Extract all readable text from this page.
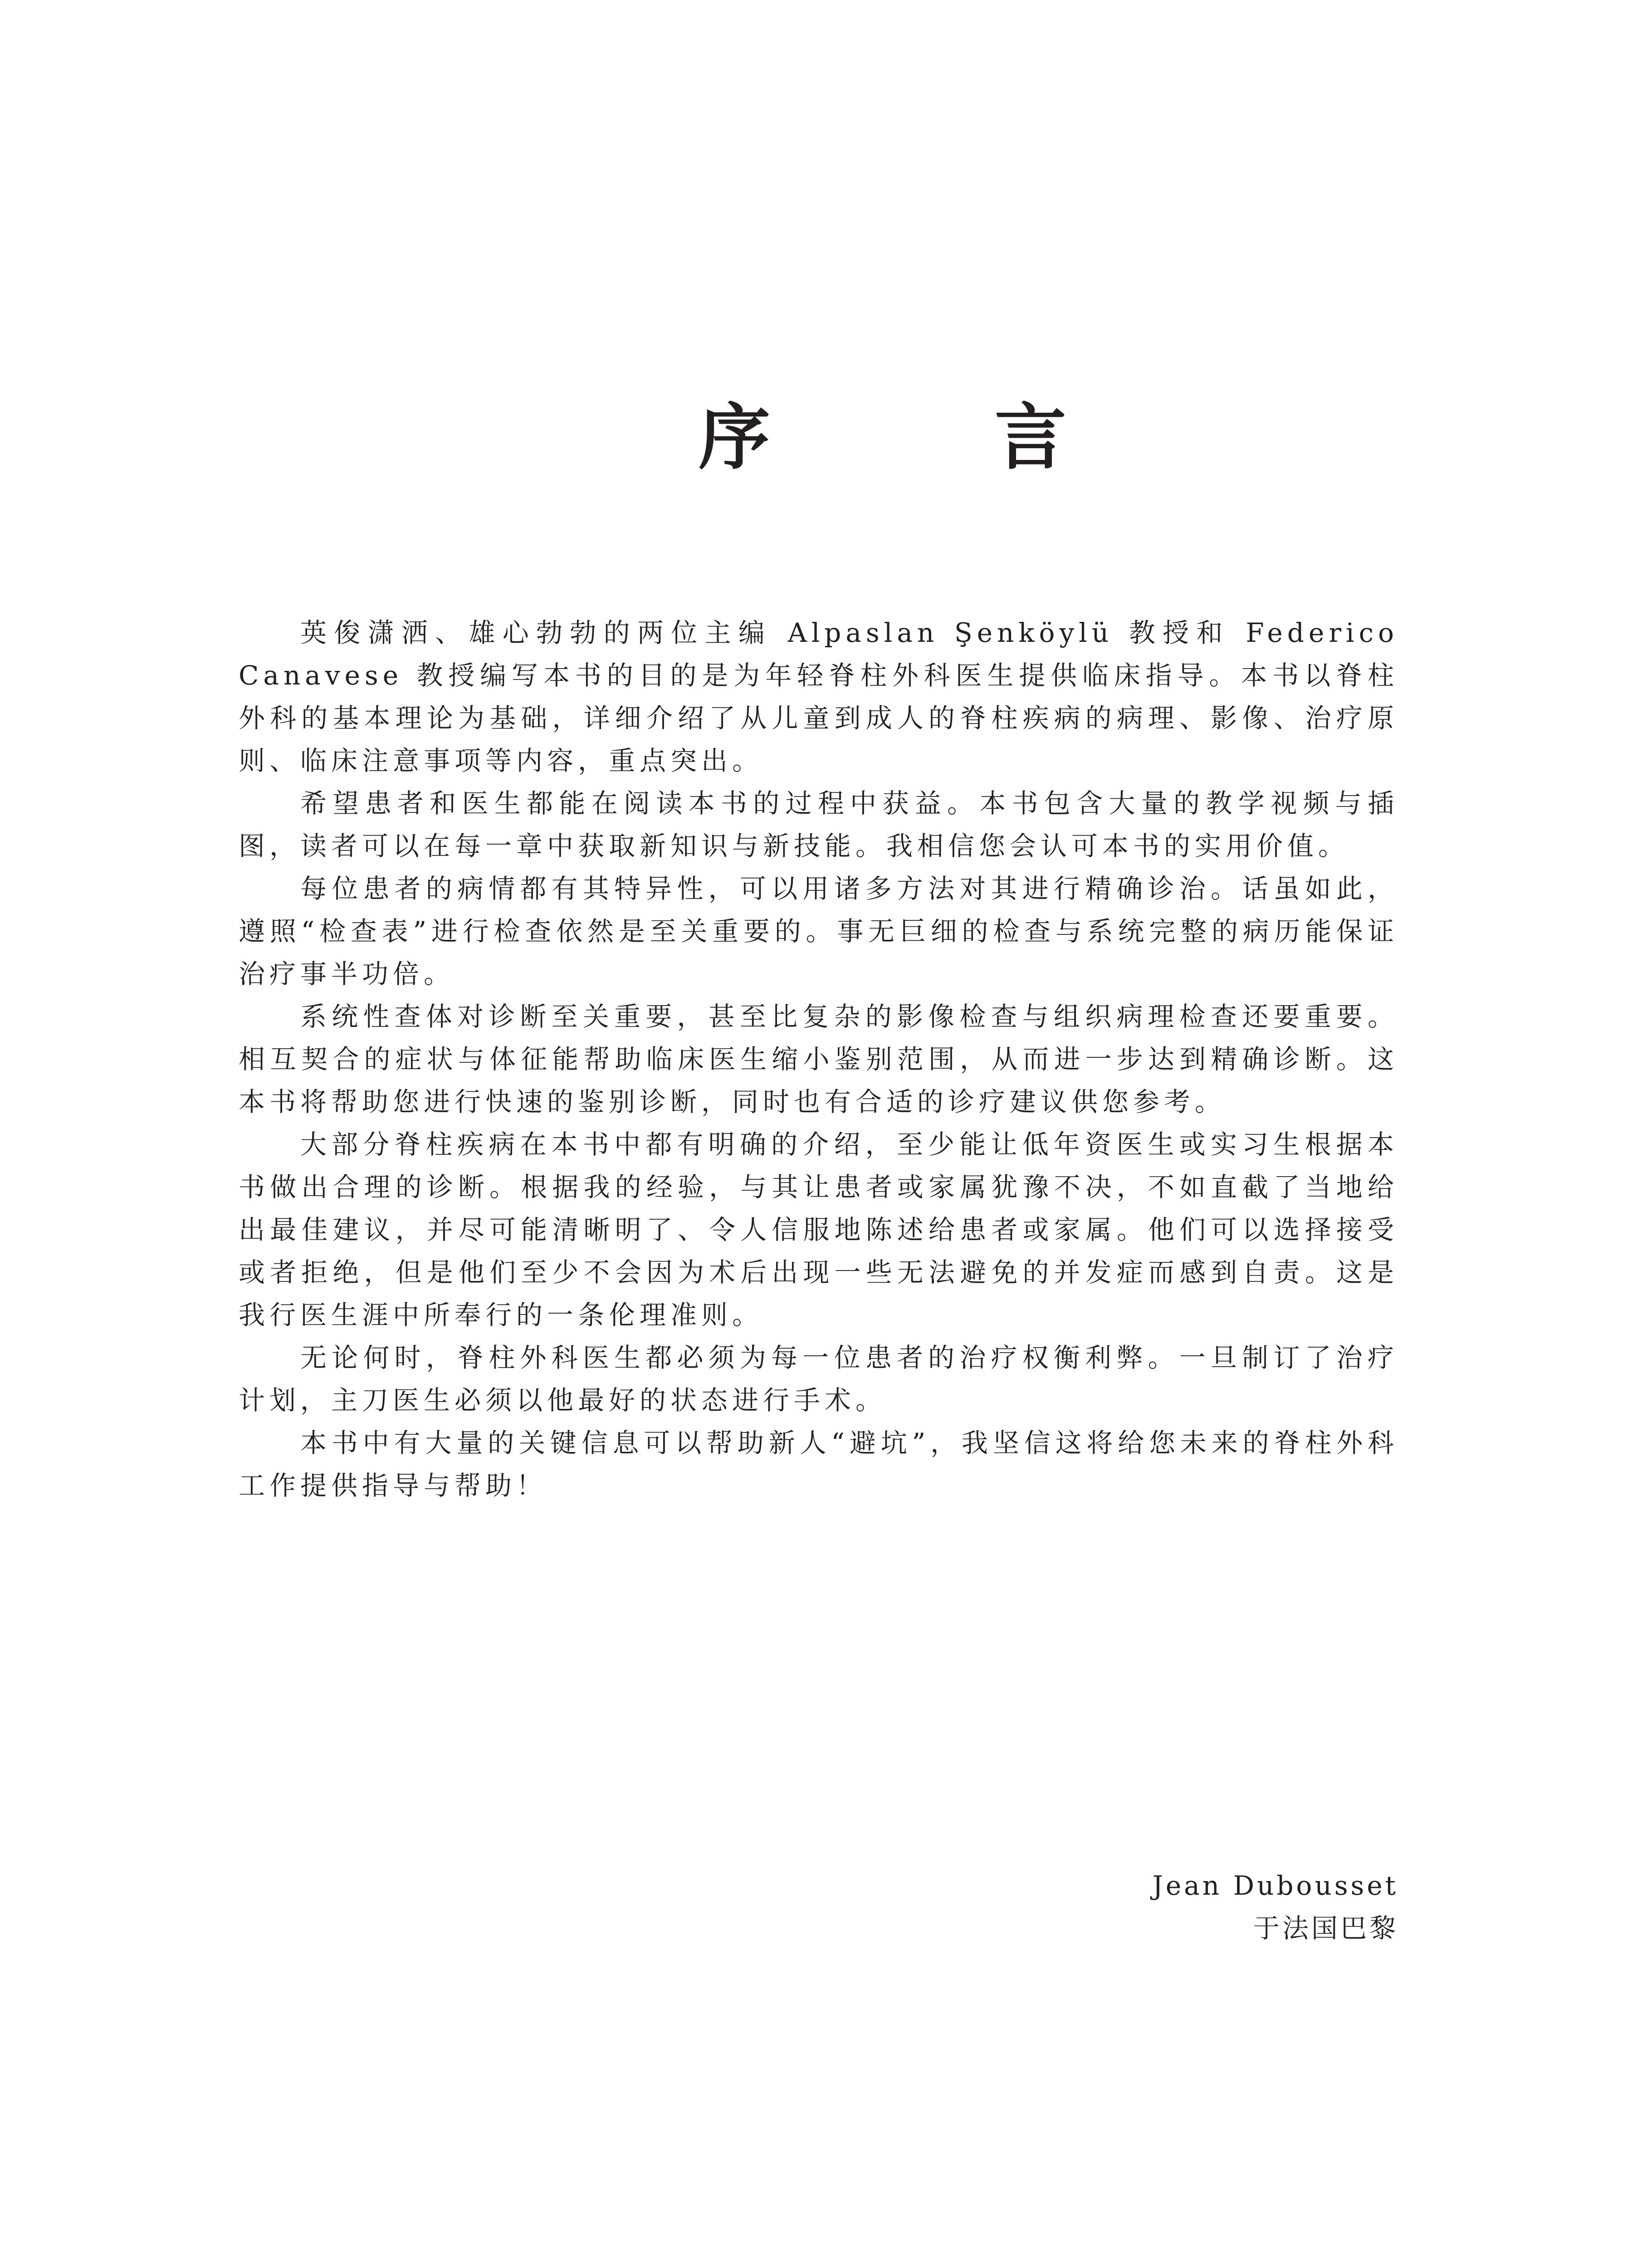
序 言

英俊潇洒、雄心勃勃的两位主编 Alpaslan Şenköylü 教授和 Federico Canavese 教授编写本书的目的是为年轻脊柱外科医生提供临床指导。本书以脊柱外科的基本理论为基础，详细介绍了从儿童到成人的脊柱疾病的病理、影像、治疗原则、临床注意事项等内容，重点突出。

希望患者和医生都能在阅读本书的过程中获益。本书包含大量的教学视频与插图，读者可以在每一章中获取新知识与新技能。我相信您会认可本书的实用价值。

每位患者的病情都有其特异性，可以用诸多方法对其进行精确诊治。话虽如此，遵照“检查表”进行检查依然是至关重要的。事无巨细的检查与系统完整的病历能保证治疗事半功倍。

系统性查体对诊断至关重要，甚至比复杂的影像检查与组织病理检查还要重要。相互契合的症状与体征能帮助临床医生缩小鉴别范围，从而进一步达到精确诊断。这本书将帮助您进行快速的鉴别诊断，同时也有合适的诊疗建议供您参考。

大部分脊柱疾病在本书中都有明确的介绍，至少能让低年资医生或实习生根据本书做出合理的诊断。根据我的经验，与其让患者或家属犹豫不决，不如直截了当地给出最佳建议，并尽可能清晰明了、令人信服地陈述给患者或家属。他们可以选择接受或者拒绝，但是他们至少不会因为术后出现一些无法避免的并发症而感到自责。这是我行医生涯中所奉行的一条伦理准则。

无论何时，脊柱外科医生都必须为每一位患者的治疗权衡利弊。一旦制订了治疗计划，主刀医生必须以他最好的状态进行手术。

本书中有大量的关键信息可以帮助新人“避坑”，我坚信这将给您未来的脊柱外科工作提供指导与帮助！

Jean Dubousset
于法国巴黎
